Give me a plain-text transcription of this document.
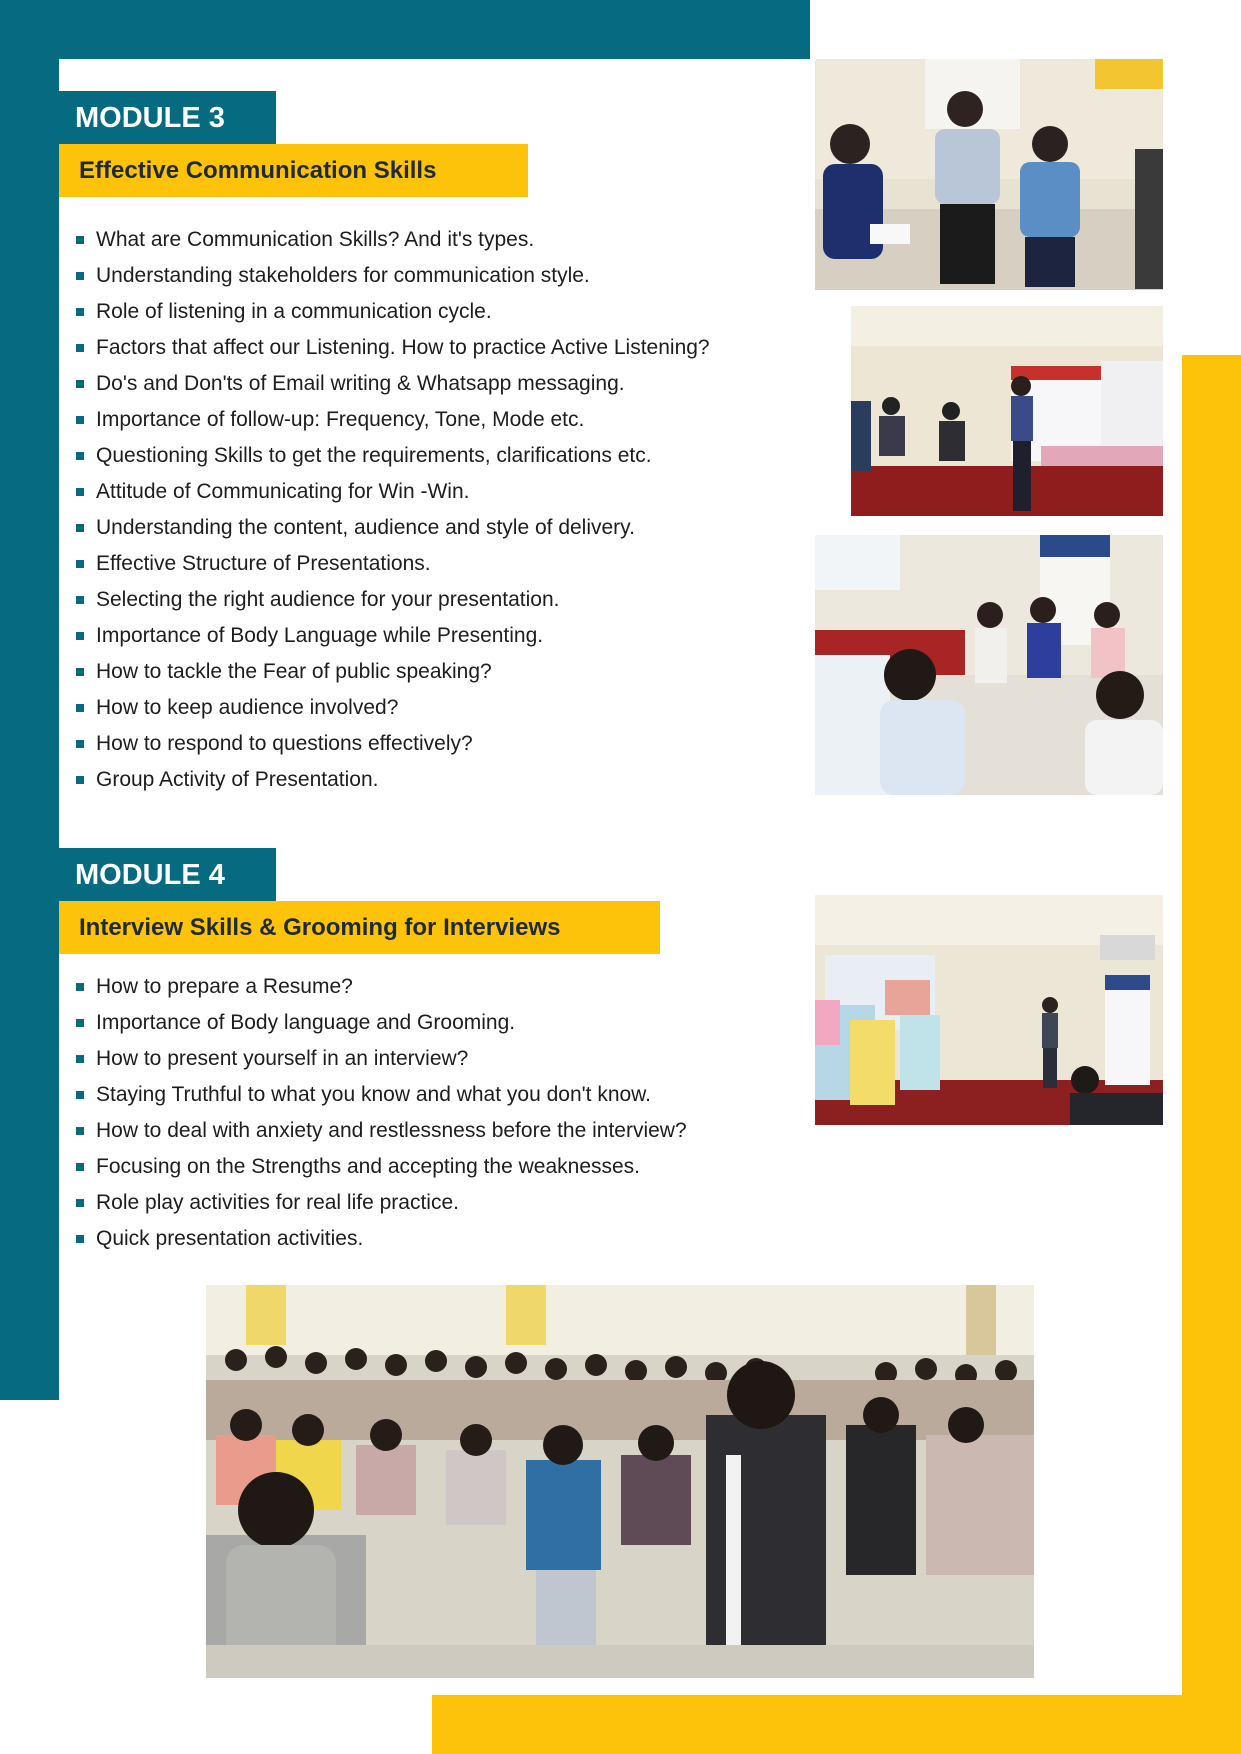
MODULE 3
Effective Communication Skills
What are Communication Skills? And it's types.
Understanding stakeholders for communication style.
Role of listening in a communication cycle.
Factors that affect our Listening. How to practice Active Listening?
Do's and Don'ts of Email writing & Whatsapp messaging.
Importance of follow-up: Frequency, Tone, Mode etc.
Questioning Skills to get the requirements, clarifications etc.
Attitude of Communicating for Win -Win.
Understanding the content, audience and style of delivery.
Effective Structure of Presentations.
Selecting the right audience for your presentation.
Importance of Body Language while Presenting.
How to tackle the Fear of public speaking?
How to keep audience involved?
How to respond to questions effectively?
Group Activity of Presentation.
MODULE 4
Interview Skills & Grooming for Interviews
How to prepare a Resume?
Importance of Body language and Grooming.
How to present yourself in an interview?
Staying Truthful to what you know and what you don't know.
How to deal with anxiety and restlessness before the interview?
Focusing on the Strengths and accepting the weaknesses.
Role play activities for real life practice.
Quick presentation activities.
